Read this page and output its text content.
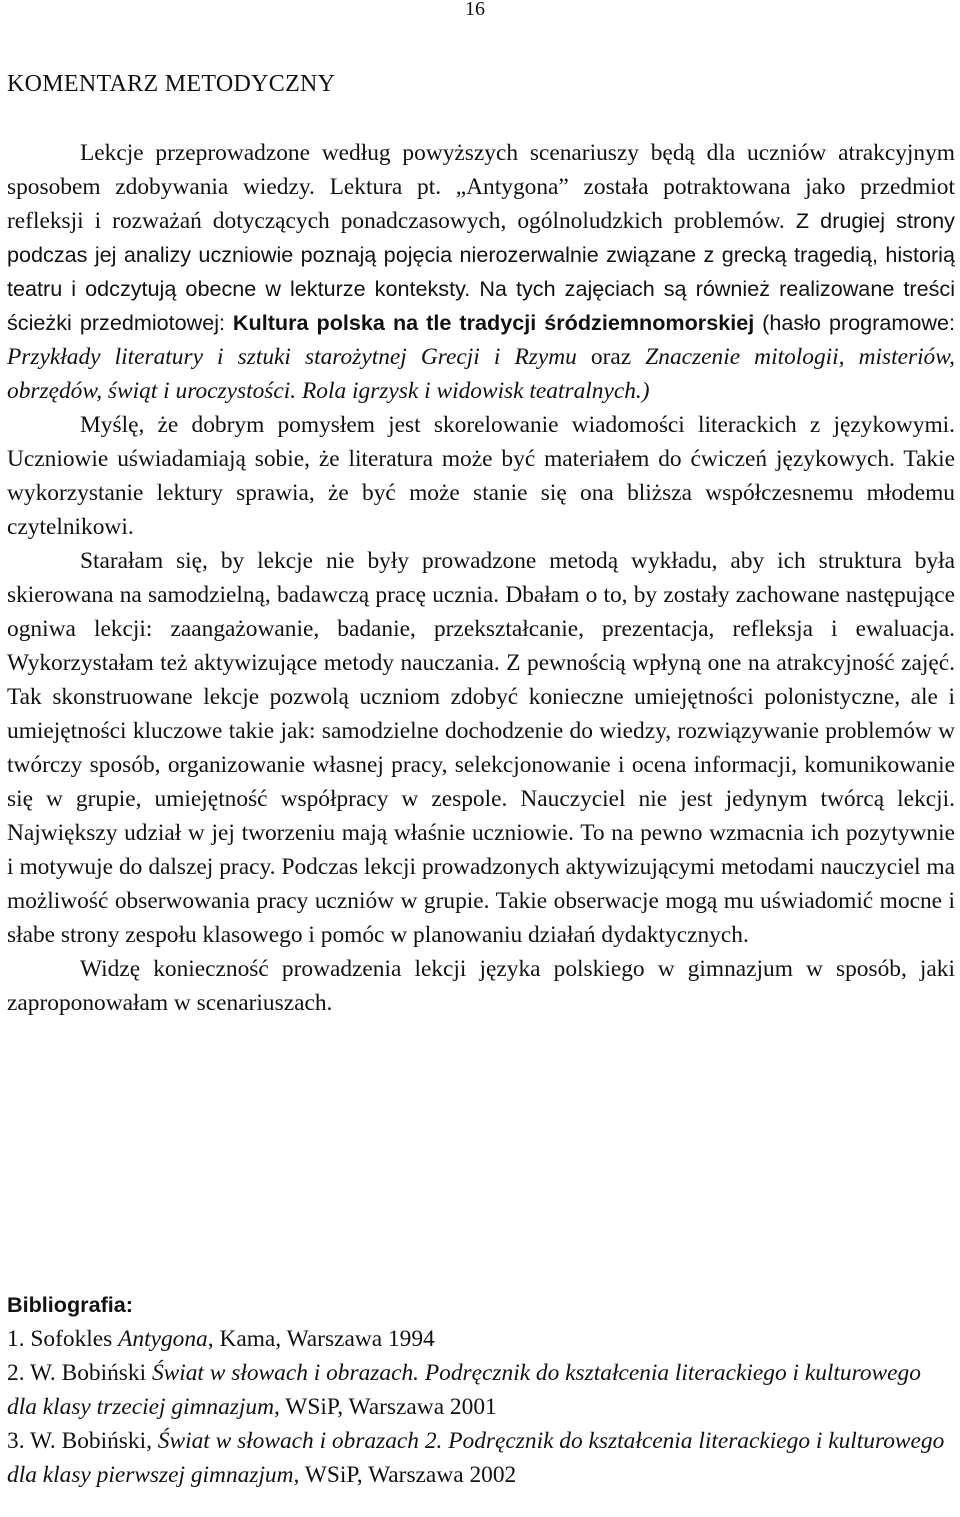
16
KOMENTARZ METODYCZNY

Lekcje przeprowadzone według powyższych scenariuszy będą dla uczniów atrakcyjnym sposobem zdobywania wiedzy. Lektura pt. „Antygona” została potraktowana jako przedmiot refleksji i rozważań dotyczących ponadczasowych, ogólnoludzkich problemów. Z drugiej strony podczas jej analizy uczniowie poznają pojęcia nierozerwalnie związane z grecką tragedią, historią teatru i odczytują obecne w lekturze konteksty. Na tych zajęciach są również realizowane treści ścieżki przedmiotowej: Kultura polska na tle tradycji śródziemnomorskiej (hasło programowe: Przykłady literatury i sztuki starożytnej Grecji i Rzymu oraz Znaczenie mitologii, misteriów, obrzędów, świąt i uroczystości. Rola igrzysk i widowisk teatralnych.)

Myślę, że dobrym pomysłem jest skorelowanie wiadomości literackich z językowymi. Uczniowie uświadamiają sobie, że literatura może być materiałem do ćwiczeń językowych. Takie wykorzystanie lektury sprawia, że być może stanie się ona bliższa współczesnemu młodemu czytelnikowi.

Starałam się, by lekcje nie były prowadzone metodą wykładu, aby ich struktura była skierowana na samodzielną, badawczą pracę ucznia. Dbałam o to, by zostały zachowane następujące ogniwa lekcji: zaangażowanie, badanie, przekształcanie, prezentacja, refleksja i ewaluacja. Wykorzystałam też aktywizujące metody nauczania. Z pewnością wpłyną one na atrakcyjność zajęć. Tak skonstruowane lekcje pozwolą uczniom zdobyć konieczne umiejętności polonistyczne, ale i umiejętności kluczowe takie jak: samodzielne dochodzenie do wiedzy, rozwiązywanie problemów w twórczy sposób, organizowanie własnej pracy, selekcjonowanie i ocena informacji, komunikowanie się w grupie, umiejętność współpracy w zespole. Nauczyciel nie jest jedynym twórcą lekcji. Największy udział w jej tworzeniu mają właśnie uczniowie. To na pewno wzmacnia ich pozytywnie i motywuje do dalszej pracy. Podczas lekcji prowadzonych aktywizującymi metodami nauczyciel ma możliwość obserwowania pracy uczniów w grupie. Takie obserwacje mogą mu uświadomić mocne i słabe strony zespołu klasowego i pomóc w planowaniu działań dydaktycznych.

Widzę konieczność prowadzenia lekcji języka polskiego w gimnazjum w sposób, jaki zaproponowałam w scenariuszach.

Bibliografia:

1. Sofokles Antygona, Kama, Warszawa 1994

2. W. Bobiński Świat w słowach i obrazach. Podręcznik do kształcenia literackiego i kulturowego dla klasy trzeciej gimnazjum, WSiP, Warszawa 2001

3. W. Bobiński, Świat w słowach i obrazach 2. Podręcznik do kształcenia literackiego i kulturowego dla klasy pierwszej gimnazjum, WSiP, Warszawa 2002
